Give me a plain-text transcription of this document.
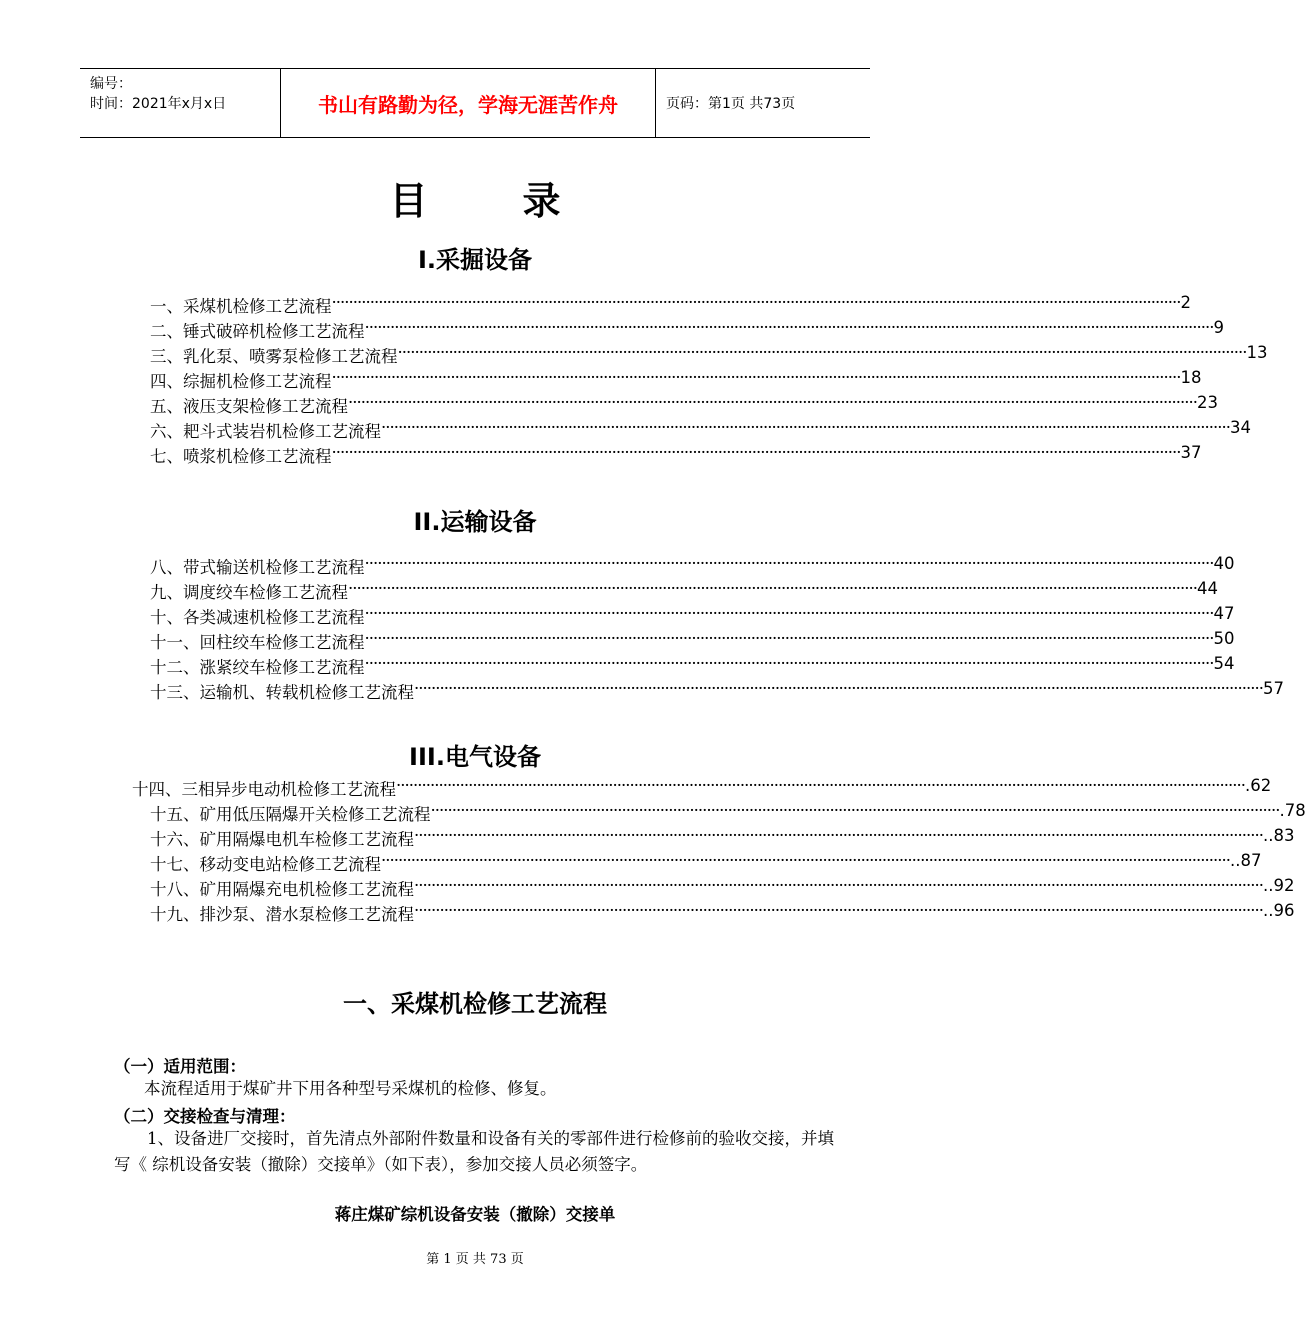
编号：
时间：2021年x月x日	书山有路勤为径，学海无涯苦作舟	页码：第1页 共73页
目录
I.采掘设备
II.运输设备
III.电气设备
一、采煤机检修工艺流程 ········································································································································································································ 2
二、锤式破碎机检修工艺流程 ········································································································································································································ 9
三、乳化泵、喷雾泵检修工艺流程 ········································································································································································································ 13
四、综掘机检修工艺流程 ········································································································································································································ 18
五、液压支架检修工艺流程 ········································································································································································································ 23
六、耙斗式装岩机检修工艺流程 ········································································································································································································ 34
七、喷浆机检修工艺流程 ········································································································································································································ 37
八、带式输送机检修工艺流程 ········································································································································································································ 40
九、调度绞车检修工艺流程 ········································································································································································································ 44
十、各类减速机检修工艺流程 ········································································································································································································ 47
十一、回柱绞车检修工艺流程 ········································································································································································································ 50
十二、涨紧绞车检修工艺流程 ········································································································································································································ 54
十三、运输机、转载机检修工艺流程 ········································································································································································································ 57
十四、三相异步电动机检修工艺流程 ········································································································································································································ .62
十五、矿用低压隔爆开关检修工艺流程 ········································································································································································································ .78
十六、矿用隔爆电机车检修工艺流程 ········································································································································································································ ..83
十七、移动变电站检修工艺流程 ········································································································································································································ ..87
十八、矿用隔爆充电机检修工艺流程 ········································································································································································································ ..92
十九、排沙泵、潜水泵检修工艺流程 ········································································································································································································ ..96
一、采煤机检修工艺流程
（一）适用范围：
本流程适用于煤矿井下用各种型号采煤机的检修、修复。
（二）交接检查与清理：
1、设备进厂交接时，首先清点外部附件数量和设备有关的零部件进行检修前的验收交接，并填写《 综机设备安装（撤除）交接单》（如下表），参加交接人员必须签字。
蒋庄煤矿综机设备安装（撤除）交接单
第 1 页 共 73 页
